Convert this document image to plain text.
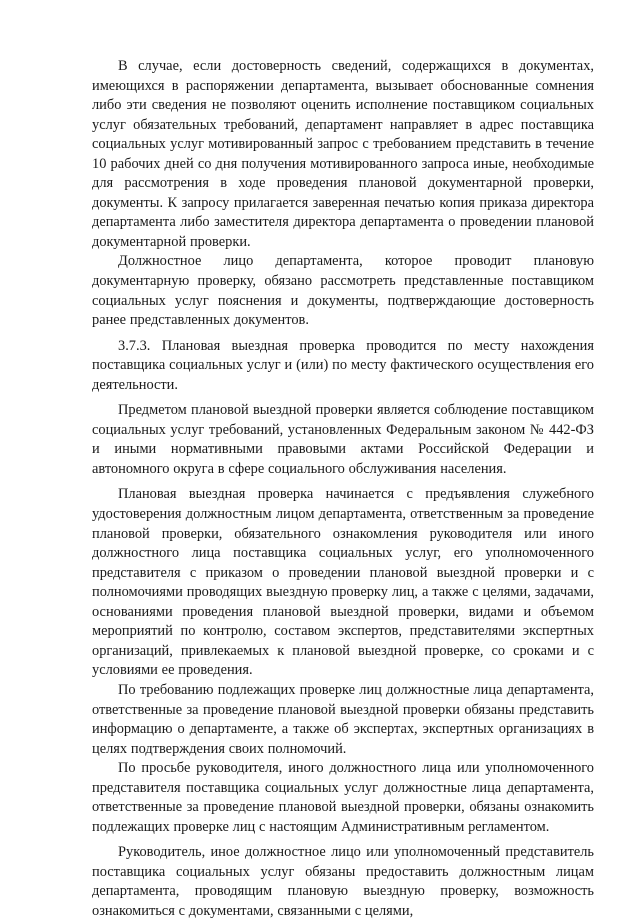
В случае, если достоверность сведений, содержащихся в документах, имеющихся в распоряжении департамента, вызывает обоснованные сомнения либо эти сведения не позволяют оценить исполнение поставщиком социальных услуг обязательных требований, департамент направляет в адрес поставщика социальных услуг мотивированный запрос с требованием представить в течение 10 рабочих дней со дня получения мотивированного запроса иные, необходимые для рассмотрения в ходе проведения плановой документарной проверки, документы. К запросу прилагается заверенная печатью копия приказа директора департамента либо заместителя директора департамента о проведении плановой документарной проверки.

Должностное лицо департамента, которое проводит плановую документарную проверку, обязано рассмотреть представленные поставщиком социальных услуг пояснения и документы, подтверждающие достоверность ранее представленных документов.

3.7.3. Плановая выездная проверка проводится по месту нахождения поставщика социальных услуг и (или) по месту фактического осуществления его деятельности.

Предметом плановой выездной проверки является соблюдение поставщиком социальных услуг требований, установленных Федеральным законом № 442-ФЗ и иными нормативными правовыми актами Российской Федерации и автономного округа в сфере социального обслуживания населения.

Плановая выездная проверка начинается с предъявления служебного удостоверения должностным лицом департамента, ответственным за проведение плановой проверки, обязательного ознакомления руководителя или иного должностного лица поставщика социальных услуг, его уполномоченного представителя с приказом о проведении плановой выездной проверки и с полномочиями проводящих выездную проверку лиц, а также с целями, задачами, основаниями проведения плановой выездной проверки, видами и объемом мероприятий по контролю, составом экспертов, представителями экспертных организаций, привлекаемых к плановой выездной проверке, со сроками и с условиями ее проведения.

По требованию подлежащих проверке лиц должностные лица департамента, ответственные за проведение плановой выездной проверки обязаны представить информацию о департаменте, а также об экспертах, экспертных организациях в целях подтверждения своих полномочий.

По просьбе руководителя, иного должностного лица или уполномоченного представителя поставщика социальных услуг должностные лица департамента, ответственные за проведение плановой выездной проверки, обязаны ознакомить подлежащих проверке лиц с настоящим Административным регламентом.

Руководитель, иное должностное лицо или уполномоченный представитель поставщика социальных услуг обязаны предоставить должностным лицам департамента, проводящим плановую выездную проверку, возможность ознакомиться с документами, связанными с целями,
